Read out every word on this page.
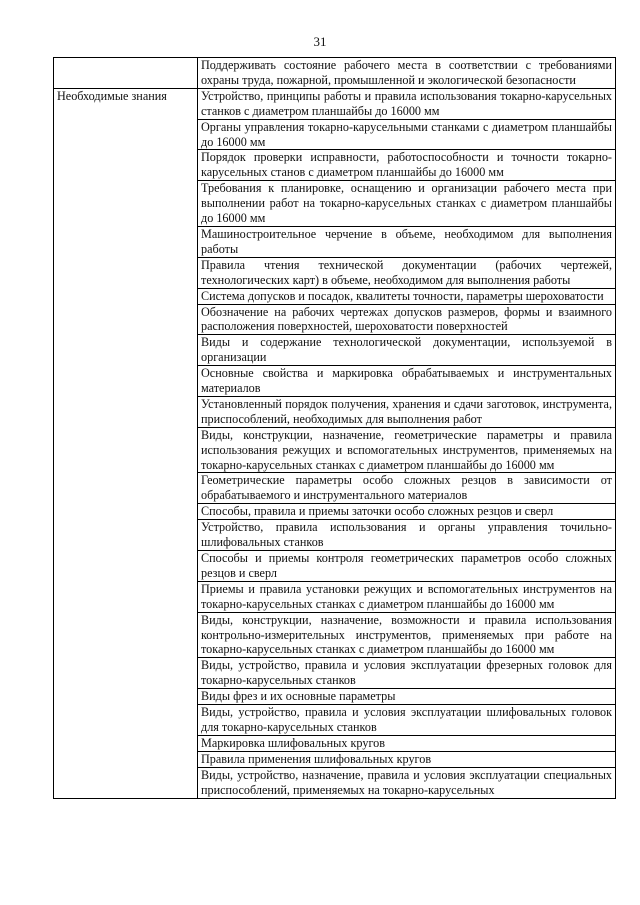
31
	Поддерживать состояние рабочего места в соответствии с требованиями охраны труда, пожарной, промышленной и экологической безопасности
Необходимые знания	Устройство, принципы работы и правила использования токарно-карусельных станков с диаметром планшайбы до 16000 мм
	Органы управления токарно-карусельными станками с диаметром планшайбы до 16000 мм
	Порядок проверки исправности, работоспособности и точности токарно-карусельных станов с диаметром планшайбы до 16000 мм
	Требования к планировке, оснащению и организации рабочего места при выполнении работ на токарно-карусельных станках с диаметром планшайбы до 16000 мм
	Машиностроительное черчение в объеме, необходимом для выполнения работы
	Правила чтения технической документации (рабочих чертежей, технологических карт) в объеме, необходимом для выполнения работы
	Система допусков и посадок, квалитеты точности, параметры шероховатости
	Обозначение на рабочих чертежах допусков размеров, формы и взаимного расположения поверхностей, шероховатости поверхностей
	Виды и содержание технологической документации, используемой в организации
	Основные свойства и маркировка обрабатываемых и инструментальных материалов
	Установленный порядок получения, хранения и сдачи заготовок, инструмента, приспособлений, необходимых для выполнения работ
	Виды, конструкции, назначение, геометрические параметры и правила использования режущих и вспомогательных инструментов, применяемых на токарно-карусельных станках с диаметром планшайбы до 16000 мм
	Геометрические параметры особо сложных резцов в зависимости от обрабатываемого и инструментального материалов
	Способы, правила и приемы заточки особо сложных резцов и сверл
	Устройство, правила использования и органы управления точильно-шлифовальных станков
	Способы и приемы контроля геометрических параметров особо сложных резцов и сверл
	Приемы и правила установки режущих и вспомогательных инструментов на токарно-карусельных станках с диаметром планшайбы до 16000 мм
	Виды, конструкции, назначение, возможности и правила использования контрольно-измерительных инструментов, применяемых при работе на токарно-карусельных станках с диаметром планшайбы до 16000 мм
	Виды, устройство, правила и условия эксплуатации фрезерных головок для токарно-карусельных станков
	Виды фрез и их основные параметры
	Виды, устройство, правила и условия эксплуатации шлифовальных головок для токарно-карусельных станков
	Маркировка шлифовальных кругов
	Правила применения шлифовальных кругов
	Виды, устройство, назначение, правила и условия эксплуатации специальных приспособлений, применяемых на токарно-карусельных
